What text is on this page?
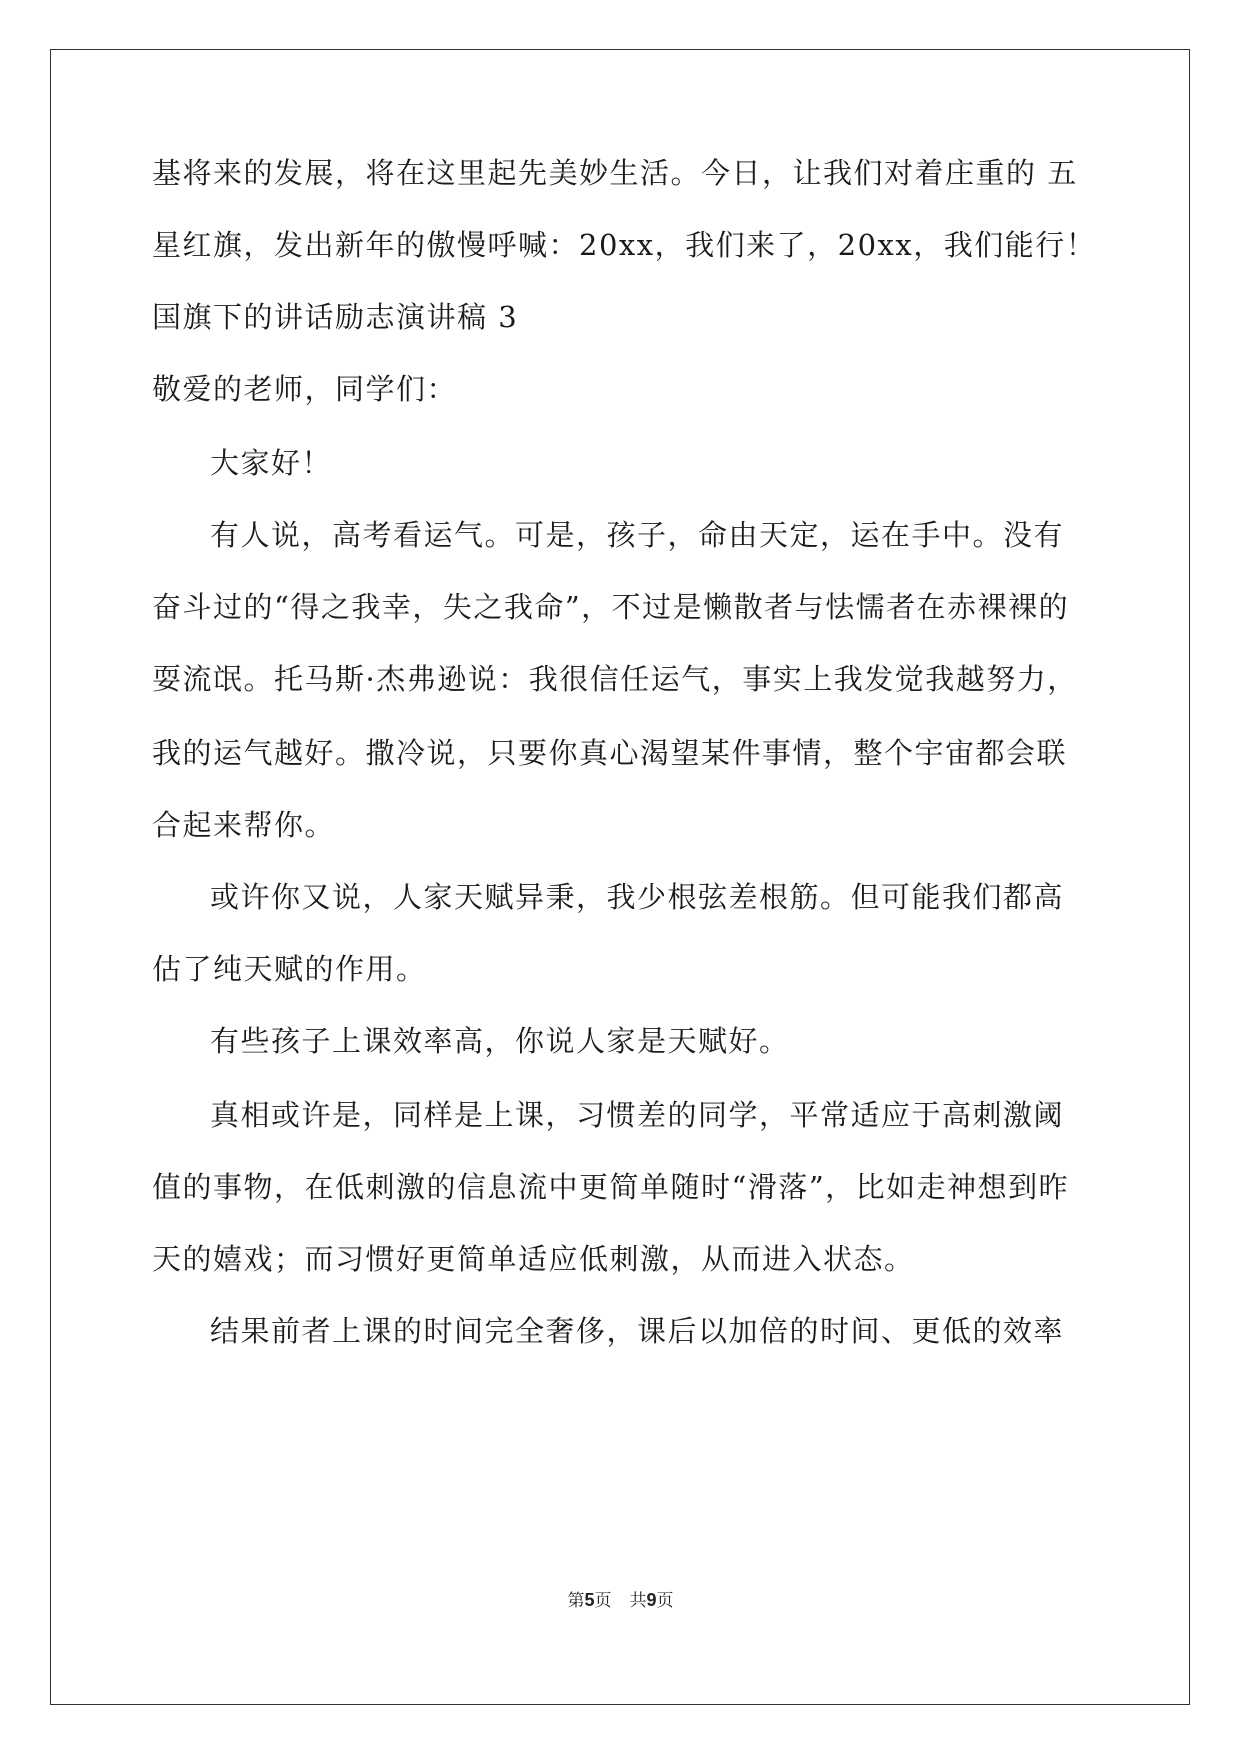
基将来的发展，将在这里起先美妙生活。今日，让我们对着庄重的 五
星红旗，发出新年的傲慢呼喊：20xx，我们来了，20xx，我们能行！
国旗下的讲话励志演讲稿 3
敬爱的老师，同学们：
大家好！
有人说，高考看运气。可是，孩子，命由天定，运在手中。没有
奋斗过的“得之我幸，失之我命”，不过是懒散者与怯懦者在赤裸裸的
耍流氓。托马斯·杰弗逊说：我很信任运气，事实上我发觉我越努力，
我的运气越好。撒冷说，只要你真心渴望某件事情，整个宇宙都会联
合起来帮你。
或许你又说，人家天赋异秉，我少根弦差根筋。但可能我们都高
估了纯天赋的作用。
有些孩子上课效率高，你说人家是天赋好。
真相或许是，同样是上课，习惯差的同学，平常适应于高刺激阈
值的事物，在低刺激的信息流中更简单随时“滑落”，比如走神想到昨
天的嬉戏；而习惯好更简单适应低刺激，从而进入状态。
结果前者上课的时间完全奢侈，课后以加倍的时间、更低的效率
第5页 共9页
